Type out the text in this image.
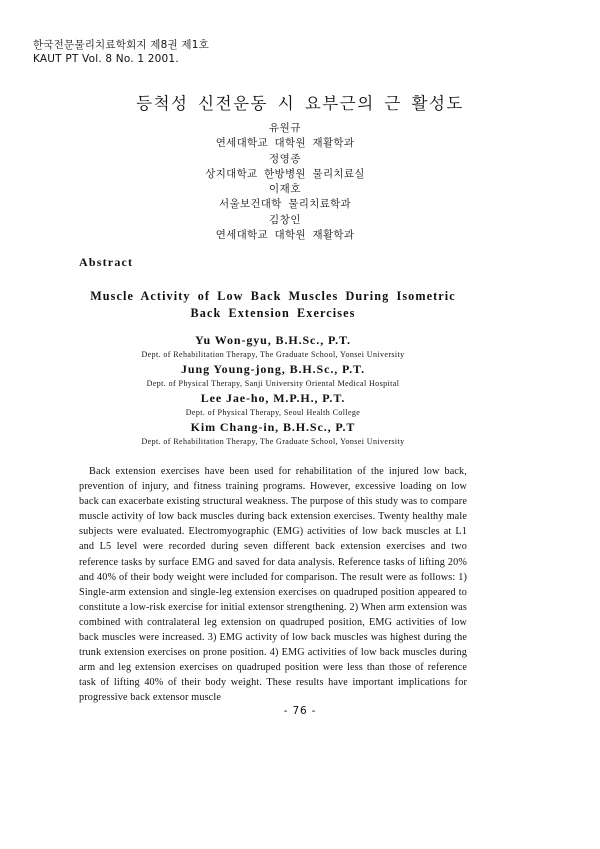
한국전문물리치료학회지 제8권 제1호
KAUT PT Vol. 8 No. 1 2001.
등척성 신전운동 시 요부근의 근 활성도
유원규
연세대학교 대학원 재활학과
정영종
상지대학교 한방병원 물리치료실
이재호
서울보건대학 물리치료학과
김창인
연세대학교 대학원 재활학과
Abstract
Muscle Activity of Low Back Muscles During Isometric
Back Extension Exercises
Yu Won-gyu, B.H.Sc., P.T.
Dept. of Rehabilitation Therapy, The Graduate School, Yonsei University
Jung Young-jong, B.H.Sc., P.T.
Dept. of Physical Therapy, Sanji University Oriental Medical Hospital
Lee Jae-ho, M.P.H., P.T.
Dept. of Physical Therapy, Seoul Health College
Kim Chang-in, B.H.Sc., P.T
Dept. of Rehabilitation Therapy, The Graduate School, Yonsei University

Back extension exercises have been used for rehabilitation of the injured low back, prevention of injury, and fitness training programs. However, excessive loading on low back can exacerbate existing structural weakness. The purpose of this study was to compare muscle activity of low back muscles during back extension exercises. Twenty healthy male subjects were evaluated. Electromyographic (EMG) activities of low back muscles at L1 and L5 level were recorded during seven different back extension exercises and two reference tasks by surface EMG and saved for data analysis. Reference tasks of lifting 20% and 40% of their body weight were included for comparison. The result were as follows: 1) Single-arm extension and single-leg extension exercises on quadruped position appeared to constitute a low-risk exercise for initial extensor strengthening. 2) When arm extension was combined with contralateral leg extension on quadruped position, EMG activities of low back muscles were increased. 3) EMG activity of low back muscles was highest during the trunk extension exercises on prone position. 4) EMG activities of low back muscles during arm and leg extension exercises on quadruped position were less than those of reference task of lifting 40% of their body weight. These results have important implications for progressive back extensor muscle

- 76 -
